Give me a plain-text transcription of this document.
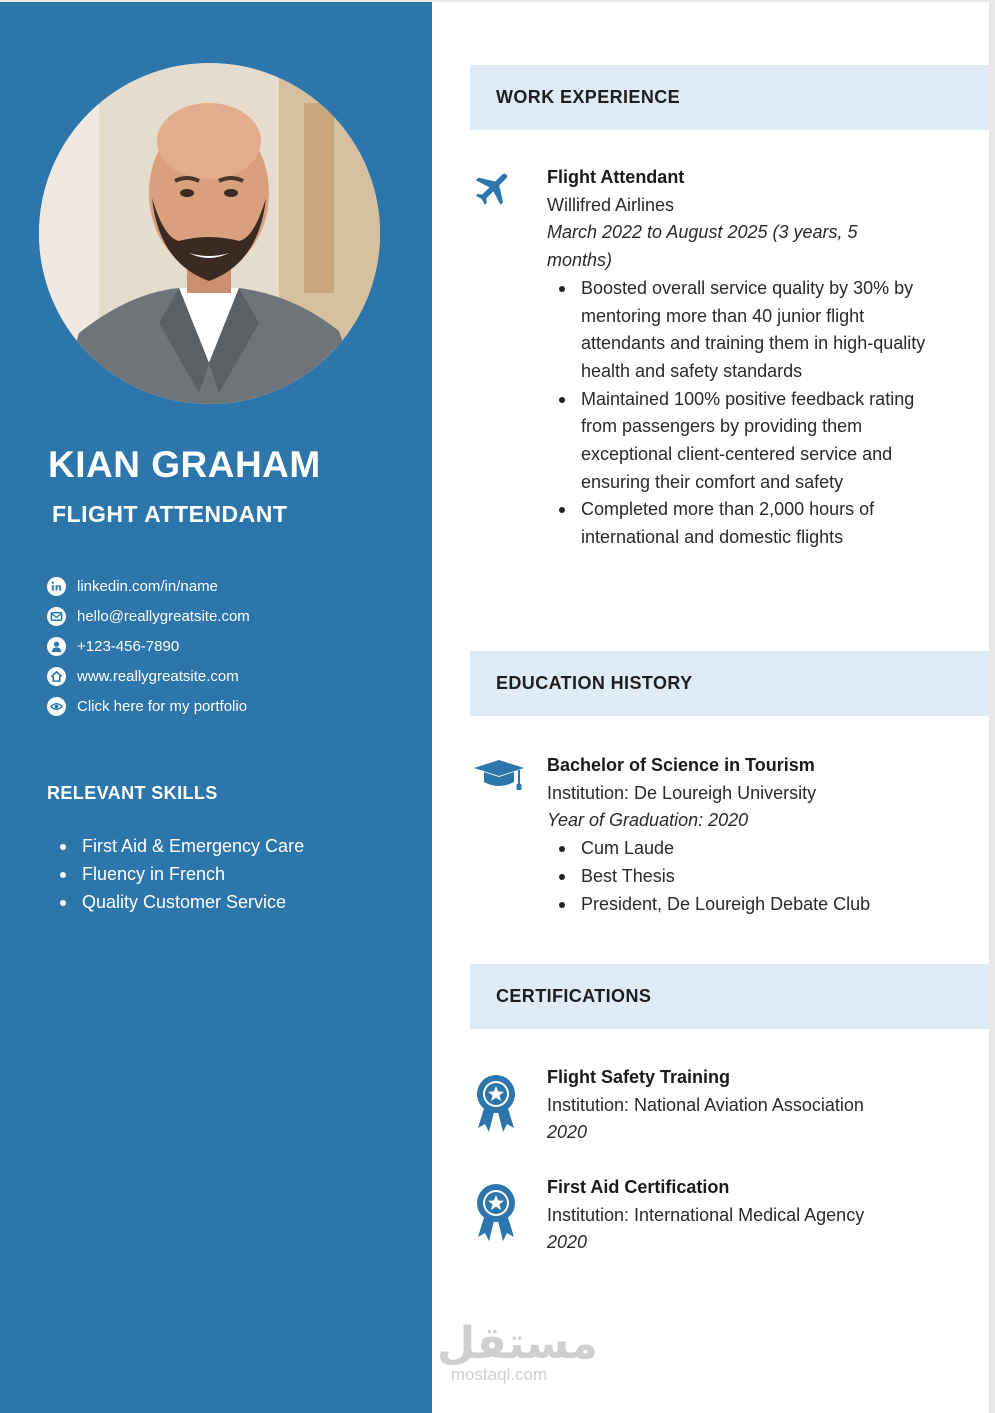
KIAN GRAHAM
FLIGHT ATTENDANT
linkedin.com/in/name
hello@reallygreatsite.com
+123-456-7890
www.reallygreatsite.com
Click here for my portfolio
RELEVANT SKILLS
First Aid & Emergency Care
Fluency in French
Quality Customer Service
WORK EXPERIENCE
Flight Attendant
Willifred Airlines
March 2022 to August 2025 (3 years, 5 months)
Boosted overall service quality by 30% by mentoring more than 40 junior flight attendants and training them in high-quality health and safety standards
Maintained 100% positive feedback rating from passengers by providing them exceptional client-centered service and ensuring their comfort and safety
Completed more than 2,000 hours of international and domestic flights
EDUCATION HISTORY
Bachelor of Science in Tourism
Institution: De Loureigh University
Year of Graduation: 2020
Cum Laude
Best Thesis
President, De Loureigh Debate Club
CERTIFICATIONS
Flight Safety Training
Institution: National Aviation Association
2020
First Aid Certification
Institution: International Medical Agency
2020
مستقل
mostaql.com
